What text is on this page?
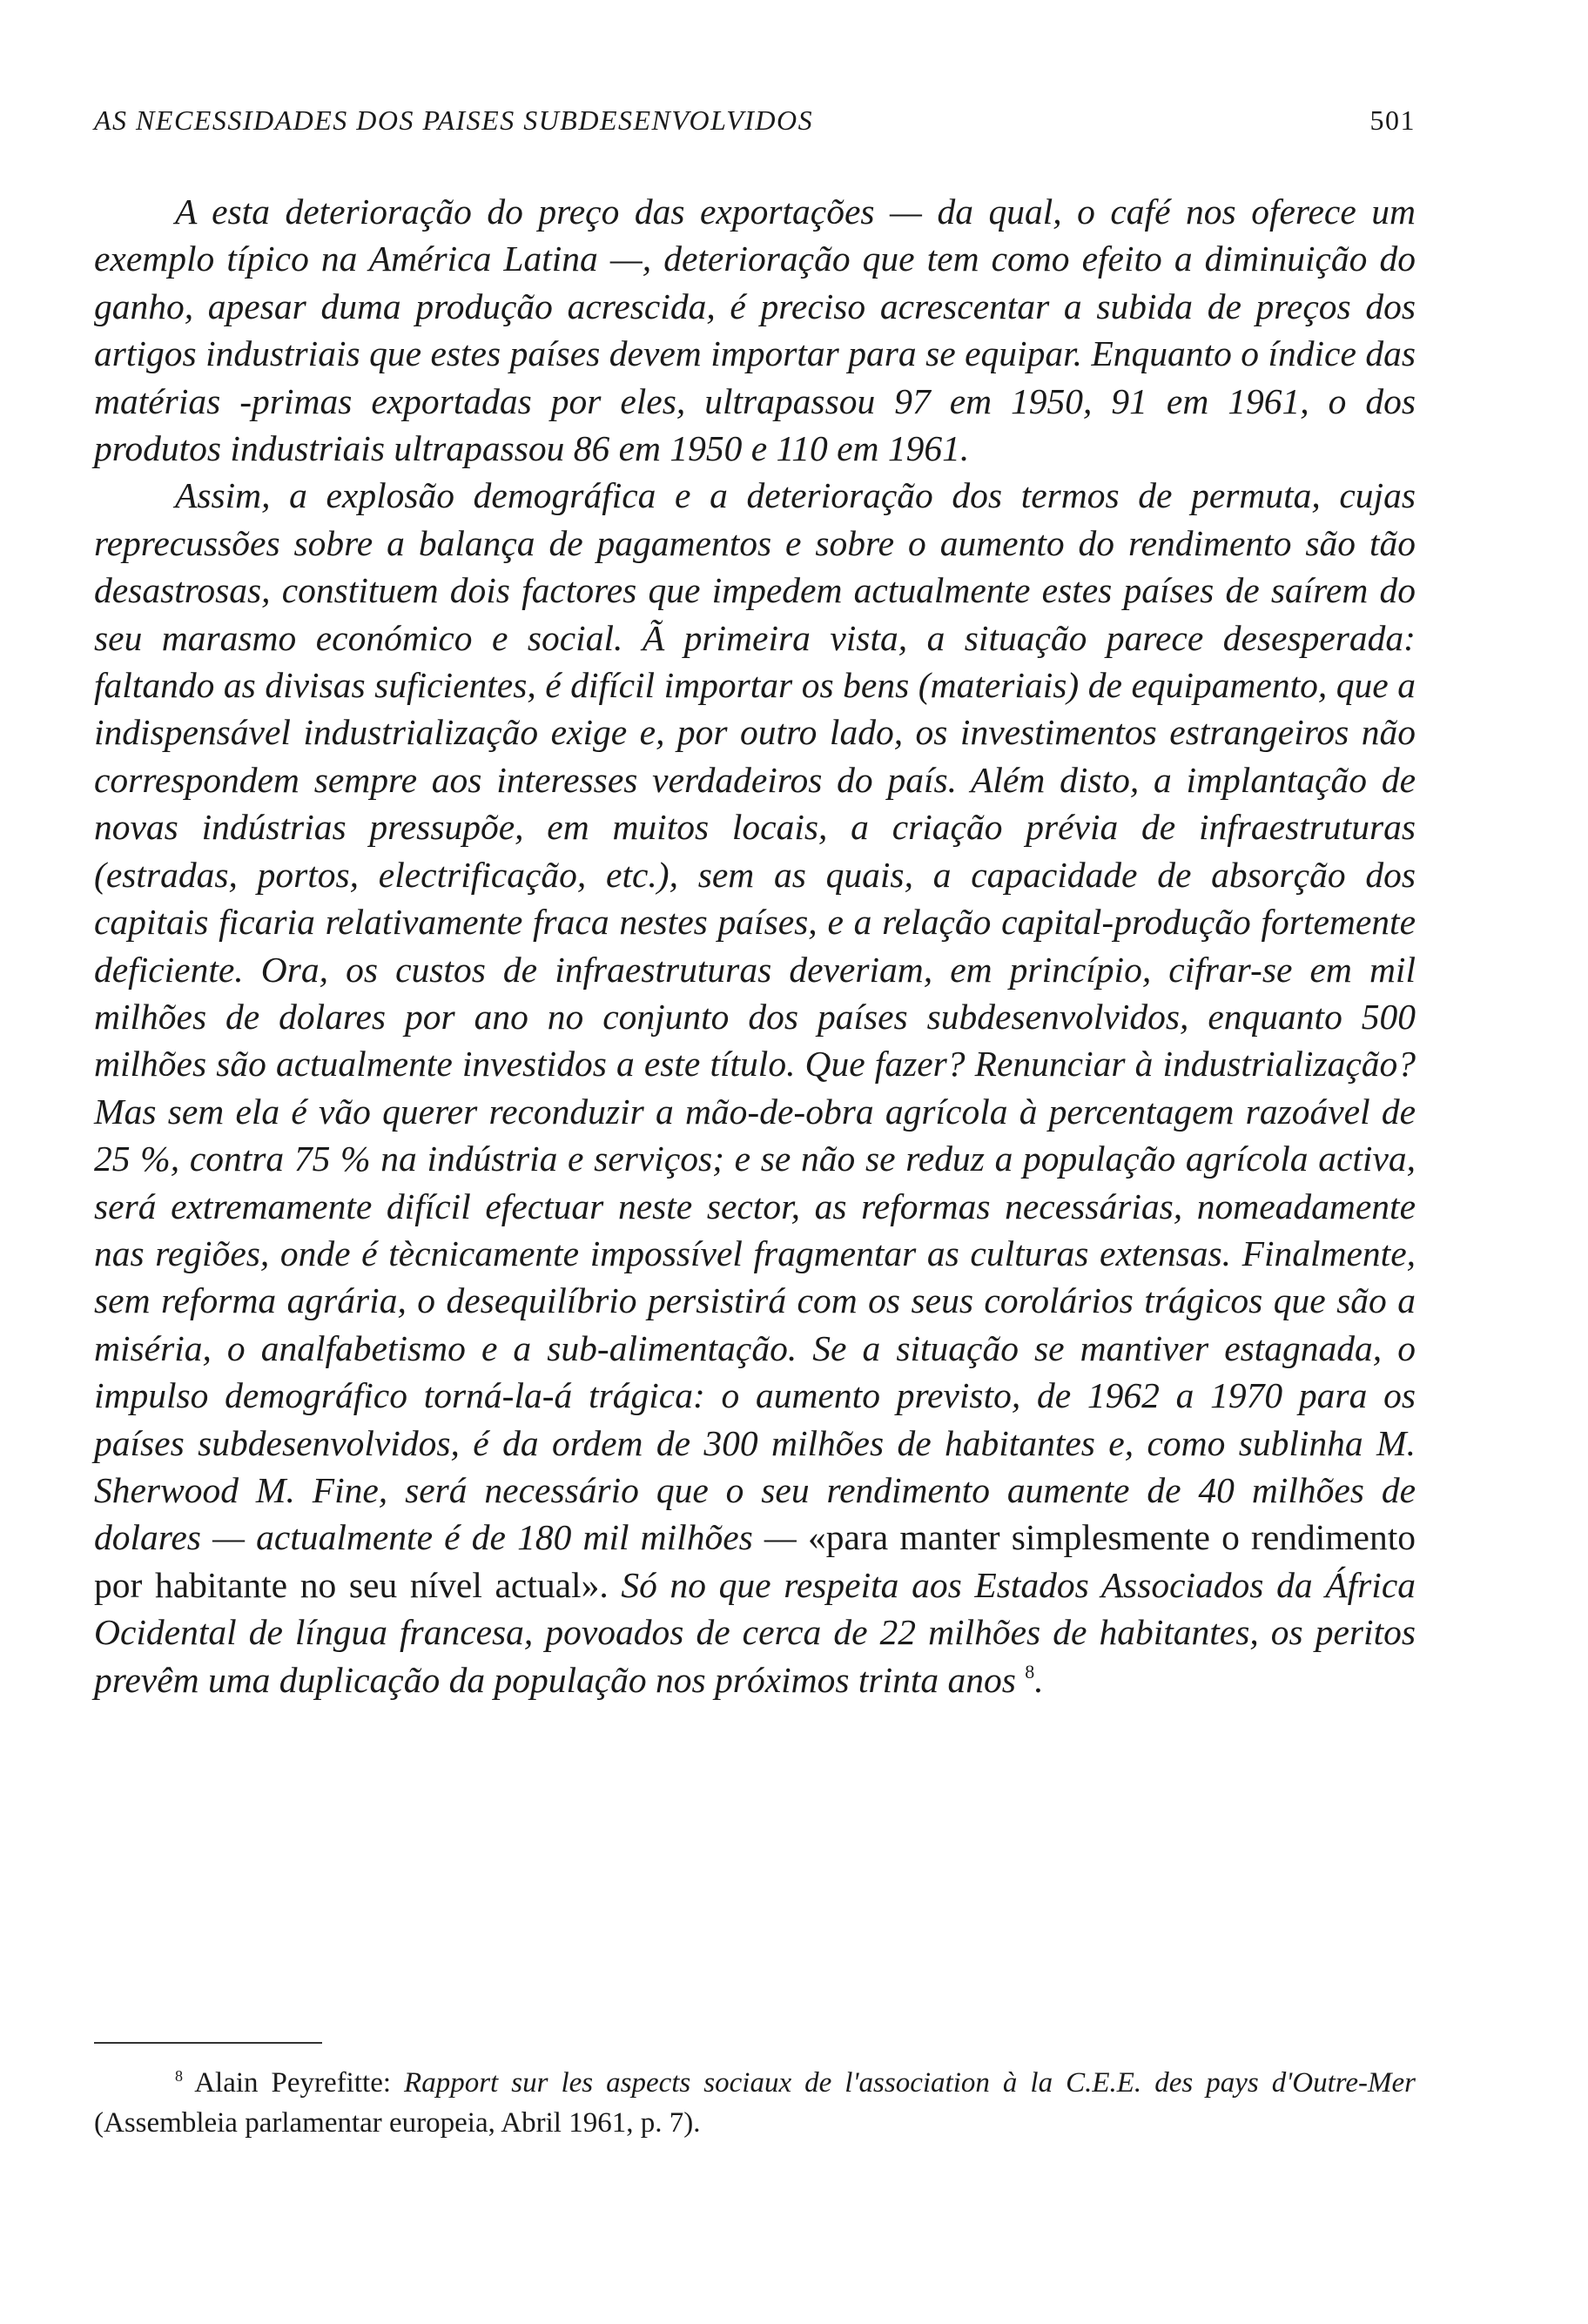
AS NECESSIDADES DOS PAISES SUBDESENVOLVIDOS	501

A esta deterioração do preço das exportações — da qual, o café nos oferece um exemplo típico na América Latina —, deterioração que tem como efeito a diminuição do ganho, apesar duma produção acrescida, é preciso acrescentar a subida de preços dos artigos industriais que estes países devem importar para se equipar. Enquanto o índice das matérias -primas exportadas por eles, ultrapassou 97 em 1950, 91 em 1961, o dos produtos industriais ultrapassou 86 em 1950 e 110 em 1961.

Assim, a explosão demográfica e a deterioração dos termos de permuta, cujas reprecussões sobre a balança de pagamentos e sobre o aumento do rendimento são tão desastrosas, constituem dois factores que impedem actualmente estes países de saírem do seu marasmo económico e social. Ã primeira vista, a situação parece desesperada: faltando as divisas suficientes, é difícil importar os bens (materiais) de equipamento, que a indispensável industrialização exige e, por outro lado, os investimentos estrangeiros não correspondem sempre aos interesses verdadeiros do país. Além disto, a implantação de novas indústrias pressupõe, em muitos locais, a criação prévia de infraestruturas (estradas, portos, electrificação, etc.), sem as quais, a capacidade de absorção dos capitais ficaria relativamente fraca nestes países, e a relação capital-produção fortemente deficiente. Ora, os custos de infraestruturas deveriam, em princípio, cifrar-se em mil milhões de dolares por ano no conjunto dos países subdesenvolvidos, enquanto 500 milhões são actualmente investidos a este título. Que fazer? Renunciar à industrialização? Mas sem ela é vão querer reconduzir a mão-de-obra agrícola à percentagem razoável de 25 %, contra 75 % na indústria e serviços; e se não se reduz a população agrícola activa, será extremamente difícil efectuar neste sector, as reformas necessárias, nomeadamente nas regiões, onde é tècnicamente impossível fragmentar as culturas extensas. Finalmente, sem reforma agrária, o desequilíbrio persistirá com os seus corolários trágicos que são a miséria, o analfabetismo e a sub-alimentação. Se a situação se mantiver estagnada, o impulso demográfico torná-la-á trágica: o aumento previsto, de 1962 a 1970 para os países subdesenvolvidos, é da ordem de 300 milhões de habitantes e, como sublinha M. Sherwood M. Fine, será necessário que o seu rendimento aumente de 40 milhões de dolares — actualmente é de 180 mil milhões — «para manter simplesmente o rendimento por habitante no seu nível actual». Só no que respeita aos Estados Associados da África Ocidental de língua francesa, povoados de cerca de 22 milhões de habitantes, os peritos prevêm uma duplicação da população nos próximos trinta anos $^8$.

$^8$ Alain Peyrefitte: Rapport sur les aspects sociaux de l'association à la C.E.E. des pays d'Outre-Mer (Assembleia parlamentar europeia, Abril 1961, p. 7).
